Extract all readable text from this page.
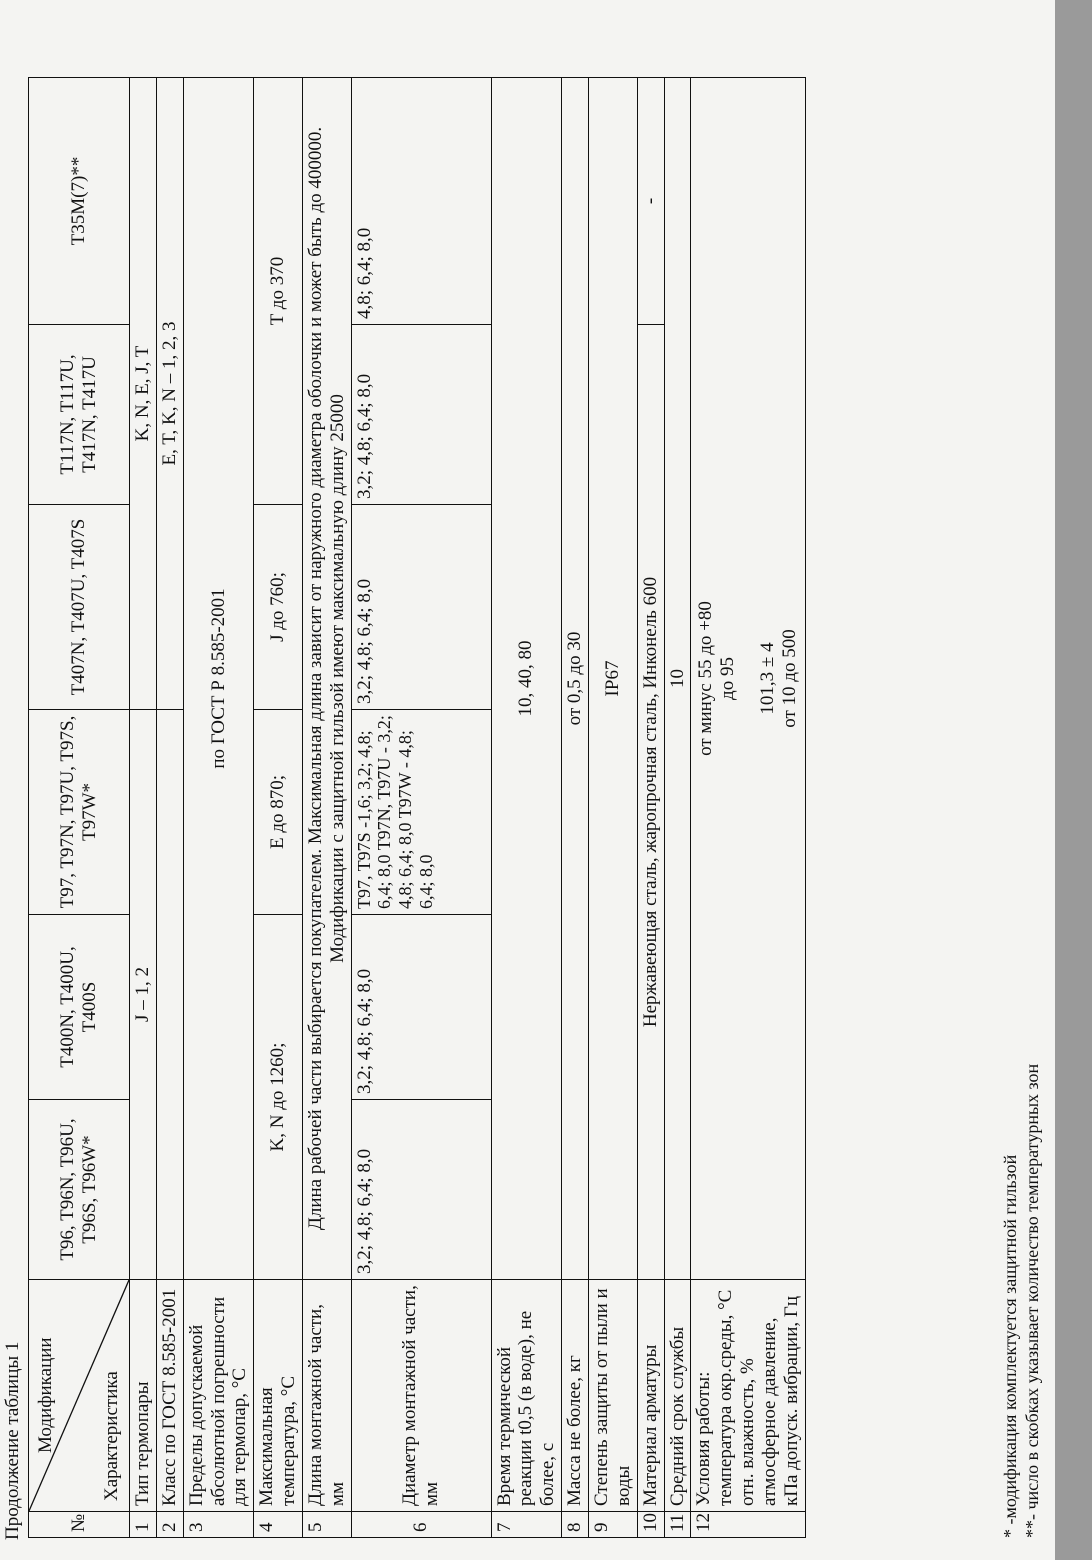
Продолжение таблицы 1 №	Модификации Характеристика	T96, T96N, T96U, T96S, T96W*	T400N, T400U, T400S	T97, T97N, T97U, T97S, T97W*	T407N, T407U, T407S	T117N, T117U, T417N, T417U	T35M(7)**
1	Тип термопары	J – 1, 2			K, N, E, J, T		
2	Класс по ГОСТ 8.585-2001				E, T, K, N – 1, 2, 3		
3	Пределы допускаемой абсолютной погрешности для термопар, °С	по ГОСТ Р 8.585-2001					
4	Максимальная температура, °С	K, N до 1260;		E до 870;	J до 760;	T до 370	
5	Длина монтажной части, мм	Длина рабочей части выбирается покупателем. Максимальная длина зависит от наружного диаметра оболочки и может быть до 400000. Модификации с защитной гильзой имеют максимальную длину 25000					
6	Диаметр монтажной части, мм	3,2; 4,8; 6,4; 8,0	3,2; 4,8; 6,4; 8,0	T97, T97S -1,6; 3,2; 4,8; 6,4; 8,0 T97N, T97U - 3,2; 4,8; 6,4; 8,0 T97W - 4,8; 6,4; 8,0	3,2; 4,8; 6,4; 8,0	3,2; 4,8; 6,4; 8,0	4,8; 6,4; 8,0
7	Время термической реакции t0,5 (в воде), не более, с	10, 40, 80					
8	Масса не более, кг	от 0,5 до 30					
9	Степень защиты от пыли и воды	IP67					
10	Материал арматуры	Нержавеющая сталь, жаропрочная сталь, Инконель 600					-
11	Средний срок службы	10					
12	Условия работы: температура окр.среды, °С отн. влажность, % атмосферное давление, кПа допуск. вибрации, Гц	от минус 55 до +80 до 95 101,3 ± 4 от 10 до 500					
* -модификация комплектуется защитной гильзой **- число в скобках указывает количество температурных зон
